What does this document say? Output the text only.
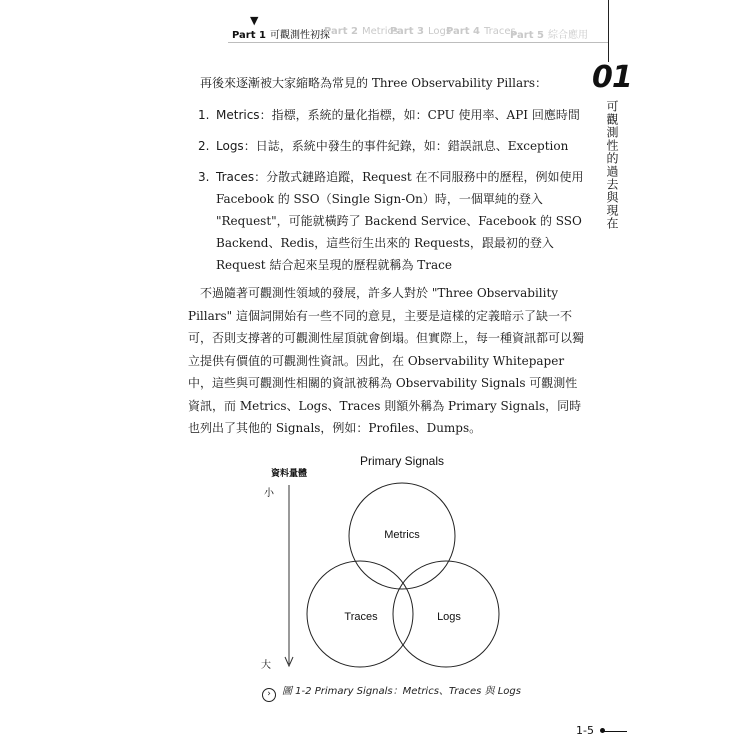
▼
Part 1 可觀測性初探
Part 2 Metrics
Part 3 Logs
Part 4 Traces
Part 5 綜合應用
01
可觀測性的過去與現在
再後來逐漸被大家縮略為常見的 Three Observability Pillars：
1. Metrics：指標，系統的量化指標，如：CPU 使用率、API 回應時間
2. Logs：日誌，系統中發生的事件紀錄，如：錯誤訊息、Exception
3. Traces：分散式鏈路追蹤，Request 在不同服務中的歷程，例如使用 Facebook 的 SSO（Single Sign-On）時，一個單純的登入 "Request"，可能就橫跨了 Backend Service、Facebook 的 SSO Backend、Redis，這些衍生出來的 Requests，跟最初的登入 Request 結合起來呈現的歷程就稱為 Trace
不過隨著可觀測性領域的發展，許多人對於 "Three Observability Pillars" 這個詞開始有一些不同的意見，主要是這樣的定義暗示了缺一不可，否則支撐著的可觀測性屋頂就會倒塌。但實際上，每一種資訊都可以獨立提供有價值的可觀測性資訊。因此，在 Observability Whitepaper 中，這些與可觀測性相關的資訊被稱為 Observability Signals 可觀測性資訊，而 Metrics、Logs、Traces 則額外稱為 Primary Signals，同時也列出了其他的 Signals，例如：Profiles、Dumps。
Primary Signals
資料量體
小
大
Metrics
Traces	Logs
› 圖 1-2 Primary Signals：Metrics、Traces 與 Logs
1-5
